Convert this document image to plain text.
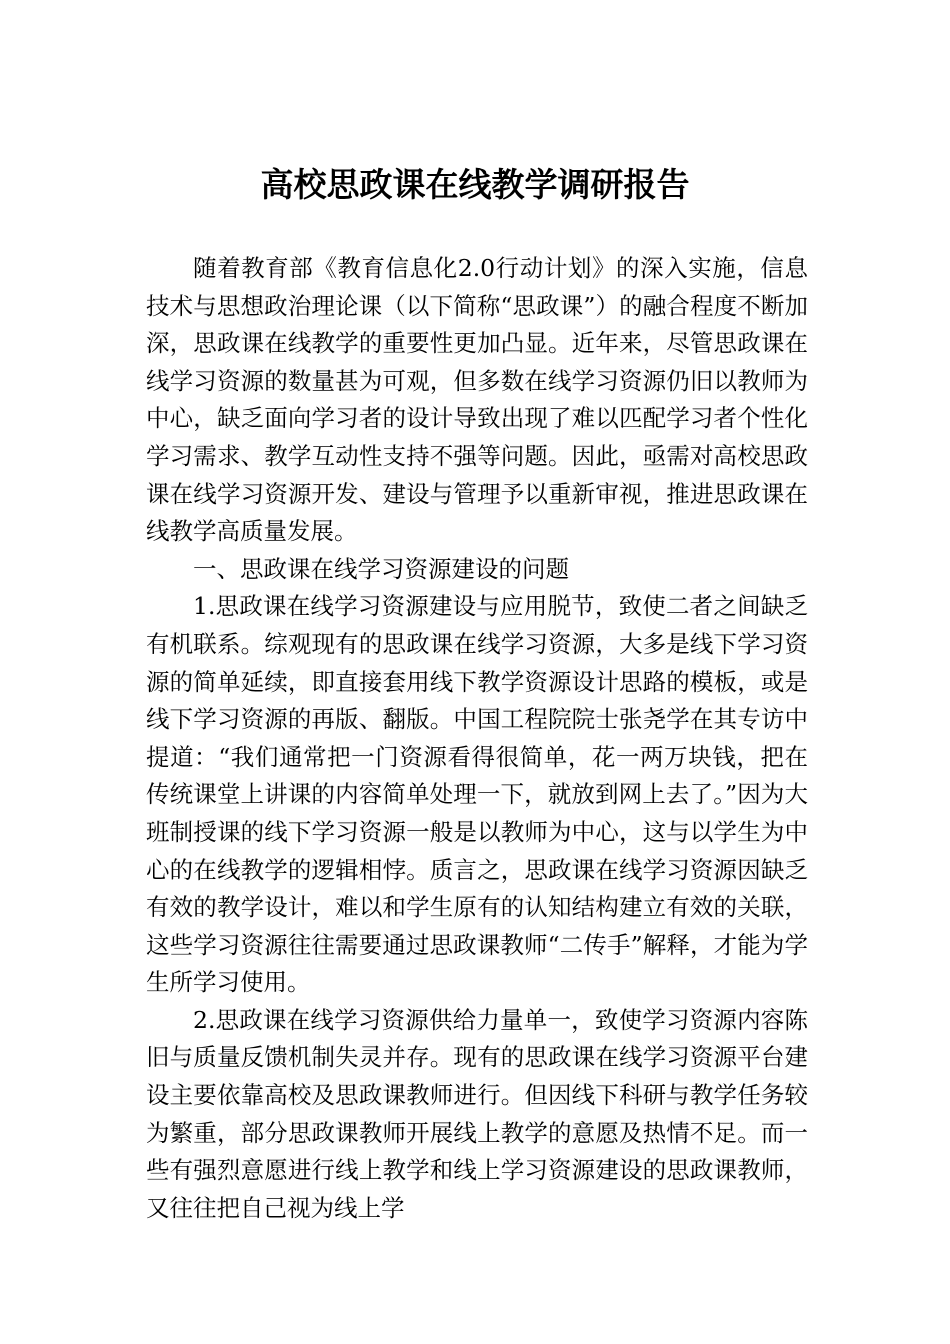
高校思政课在线教学调研报告

随着教育部《教育信息化2.0行动计划》的深入实施，信息技术与思想政治理论课（以下简称“思政课”）的融合程度不断加深，思政课在线教学的重要性更加凸显。近年来，尽管思政课在线学习资源的数量甚为可观，但多数在线学习资源仍旧以教师为中心，缺乏面向学习者的设计导致出现了难以匹配学习者个性化学习需求、教学互动性支持不强等问题。因此，亟需对高校思政课在线学习资源开发、建设与管理予以重新审视，推进思政课在线教学高质量发展。

一、思政课在线学习资源建设的问题

1.思政课在线学习资源建设与应用脱节，致使二者之间缺乏有机联系。综观现有的思政课在线学习资源，大多是线下学习资源的简单延续，即直接套用线下教学资源设计思路的模板，或是线下学习资源的再版、翻版。中国工程院院士张尧学在其专访中提道：“我们通常把一门资源看得很简单，花一两万块钱，把在传统课堂上讲课的内容简单处理一下，就放到网上去了。”因为大班制授课的线下学习资源一般是以教师为中心，这与以学生为中心的在线教学的逻辑相悖。质言之，思政课在线学习资源因缺乏有效的教学设计，难以和学生原有的认知结构建立有效的关联，这些学习资源往往需要通过思政课教师“二传手”解释，才能为学生所学习使用。

2.思政课在线学习资源供给力量单一，致使学习资源内容陈旧与质量反馈机制失灵并存。现有的思政课在线学习资源平台建设主要依靠高校及思政课教师进行。但因线下科研与教学任务较为繁重，部分思政课教师开展线上教学的意愿及热情不足。而一些有强烈意愿进行线上教学和线上学习资源建设的思政课教师，又往往把自己视为线上学
